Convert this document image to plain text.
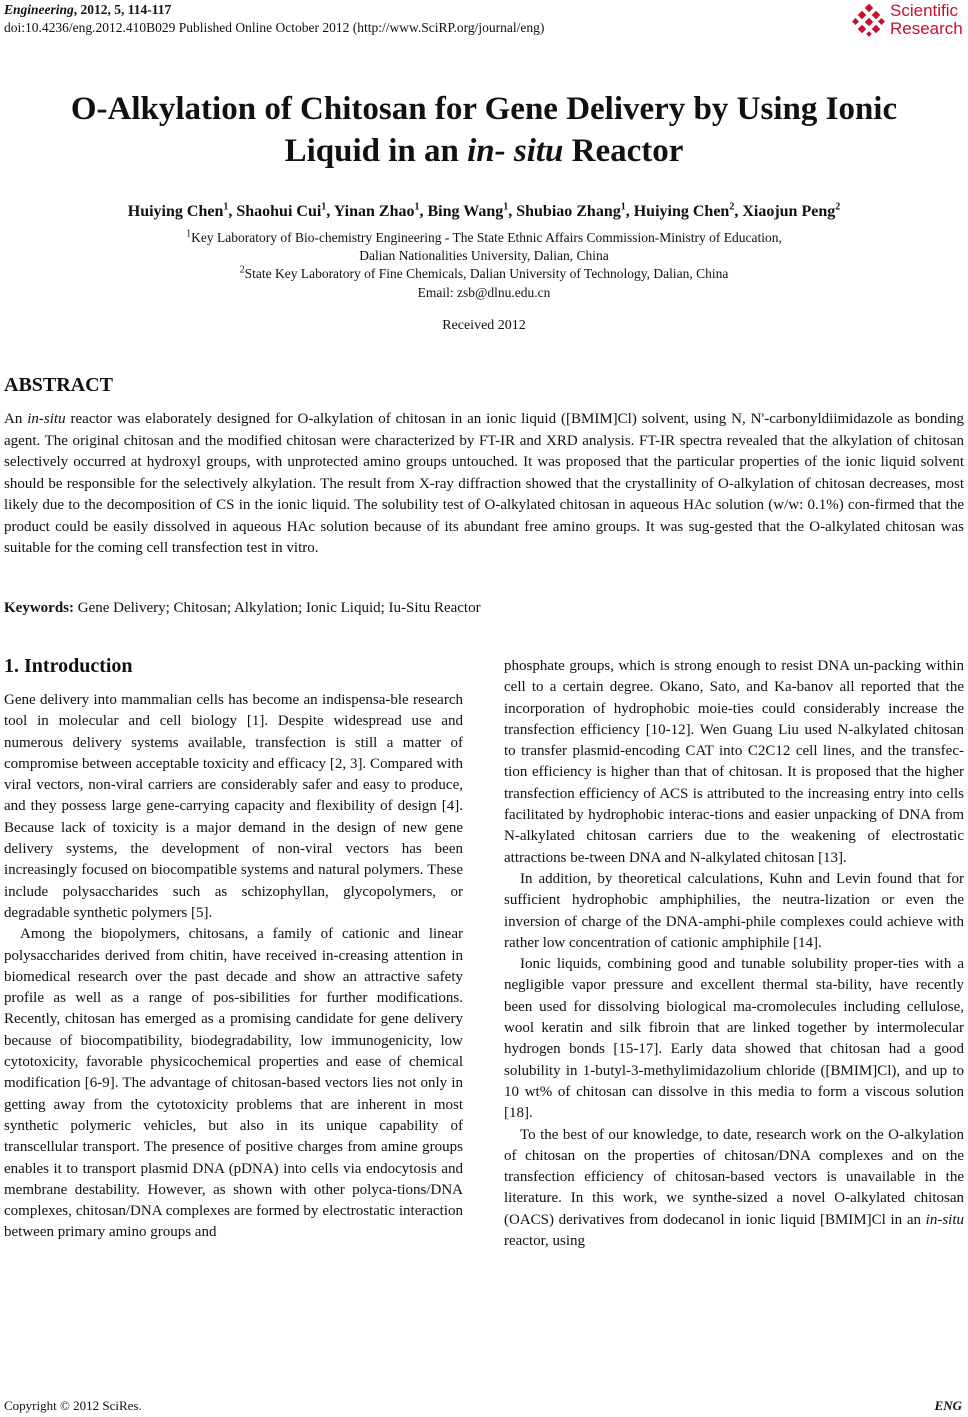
Engineering, 2012, 5, 114-117
doi:10.4236/eng.2012.410B029 Published Online October 2012 (http://www.SciRP.org/journal/eng)
Scientific
Research
O-Alkylation of Chitosan for Gene Delivery by Using Ionic
Liquid in an in- situ Reactor
Huiying Chen$^1$, Shaohui Cui$^1$, Yinan Zhao$^1$, Bing Wang$^1$, Shubiao Zhang$^1$, Huiying Chen$^2$, Xiaojun Peng$^2$
$^1$Key Laboratory of Bio-chemistry Engineering - The State Ethnic Affairs Commission-Ministry of Education,
Dalian Nationalities University, Dalian, China
$^2$State Key Laboratory of Fine Chemicals, Dalian University of Technology, Dalian, China
Email: zsb@dlnu.edu.cn
Received 2012
ABSTRACT
An in-situ reactor was elaborately designed for O-alkylation of chitosan in an ionic liquid ([BMIM]Cl) solvent, using N, N'-carbonyldiimidazole as bonding agent. The original chitosan and the modified chitosan were characterized by FT-IR and XRD analysis. FT-IR spectra revealed that the alkylation of chitosan selectively occurred at hydroxyl groups, with unprotected amino groups untouched. It was proposed that the particular properties of the ionic liquid solvent should be responsible for the selectively alkylation. The result from X-ray diffraction showed that the crystallinity of O-alkylation of chitosan decreases, most likely due to the decomposition of CS in the ionic liquid. The solubility test of O-alkylated chitosan in aqueous HAc solution (w/w: 0.1%) con-firmed that the product could be easily dissolved in aqueous HAc solution because of its abundant free amino groups. It was sug-gested that the O-alkylated chitosan was suitable for the coming cell transfection test in vitro.
Keywords: Gene Delivery; Chitosan; Alkylation; Ionic Liquid; Iu-Situ Reactor
1. Introduction

Gene delivery into mammalian cells has become an indispensa-ble research tool in molecular and cell biology [1]. Despite widespread use and numerous delivery systems available, transfection is still a matter of compromise between acceptable toxicity and efficacy [2, 3]. Compared with viral vectors, non-viral carriers are considerably safer and easy to produce, and they possess large gene-carrying capacity and flexibility of design [4]. Because lack of toxicity is a major demand in the design of new gene delivery systems, the development of non-viral vectors has been increasingly focused on biocompatible systems and natural polymers. These include polysaccharides such as schizophyllan, glycopolymers, or degradable synthetic polymers [5].

Among the biopolymers, chitosans, a family of cationic and linear polysaccharides derived from chitin, have received in-creasing attention in biomedical research over the past decade and show an attractive safety profile as well as a range of pos-sibilities for further modifications. Recently, chitosan has emerged as a promising candidate for gene delivery because of biocompatibility, biodegradability, low immunogenicity, low cytotoxicity, favorable physicochemical properties and ease of chemical modification [6-9]. The advantage of chitosan-based vectors lies not only in getting away from the cytotoxicity problems that are inherent in most synthetic polymeric vehicles, but also in its unique capability of transcellular transport. The presence of positive charges from amine groups enables it to transport plasmid DNA (pDNA) into cells via endocytosis and membrane destability. However, as shown with other polyca-tions/DNA complexes, chitosan/DNA complexes are formed by electrostatic interaction between primary amino groups and

phosphate groups, which is strong enough to resist DNA un-packing within cell to a certain degree. Okano, Sato, and Ka-banov all reported that the incorporation of hydrophobic moie-ties could considerably increase the transfection efficiency [10-12]. Wen Guang Liu used N-alkylated chitosan to transfer plasmid-encoding CAT into C2C12 cell lines, and the transfec-tion efficiency is higher than that of chitosan. It is proposed that the higher transfection efficiency of ACS is attributed to the increasing entry into cells facilitated by hydrophobic interac-tions and easier unpacking of DNA from N-alkylated chitosan carriers due to the weakening of electrostatic attractions be-tween DNA and N-alkylated chitosan [13].

In addition, by theoretical calculations, Kuhn and Levin found that for sufficient hydrophobic amphiphilies, the neutra-lization or even the inversion of charge of the DNA-amphi-phile complexes could achieve with rather low concentration of cationic amphiphile [14].

Ionic liquids, combining good and tunable solubility proper-ties with a negligible vapor pressure and excellent thermal sta-bility, have recently been used for dissolving biological ma-cromolecules including cellulose, wool keratin and silk fibroin that are linked together by intermolecular hydrogen bonds [15-17]. Early data showed that chitosan had a good solubility in 1-butyl-3-methylimidazolium chloride ([BMIM]Cl), and up to 10 wt% of chitosan can dissolve in this media to form a viscous solution [18].

To the best of our knowledge, to date, research work on the O-alkylation of chitosan on the properties of chitosan/DNA complexes and on the transfection efficiency of chitosan-based vectors is unavailable in the literature. In this work, we synthe-sized a novel O-alkylated chitosan (OACS) derivatives from dodecanol in ionic liquid [BMIM]Cl in an in-situ reactor, using

Copyright © 2012 SciRes.	ENG
